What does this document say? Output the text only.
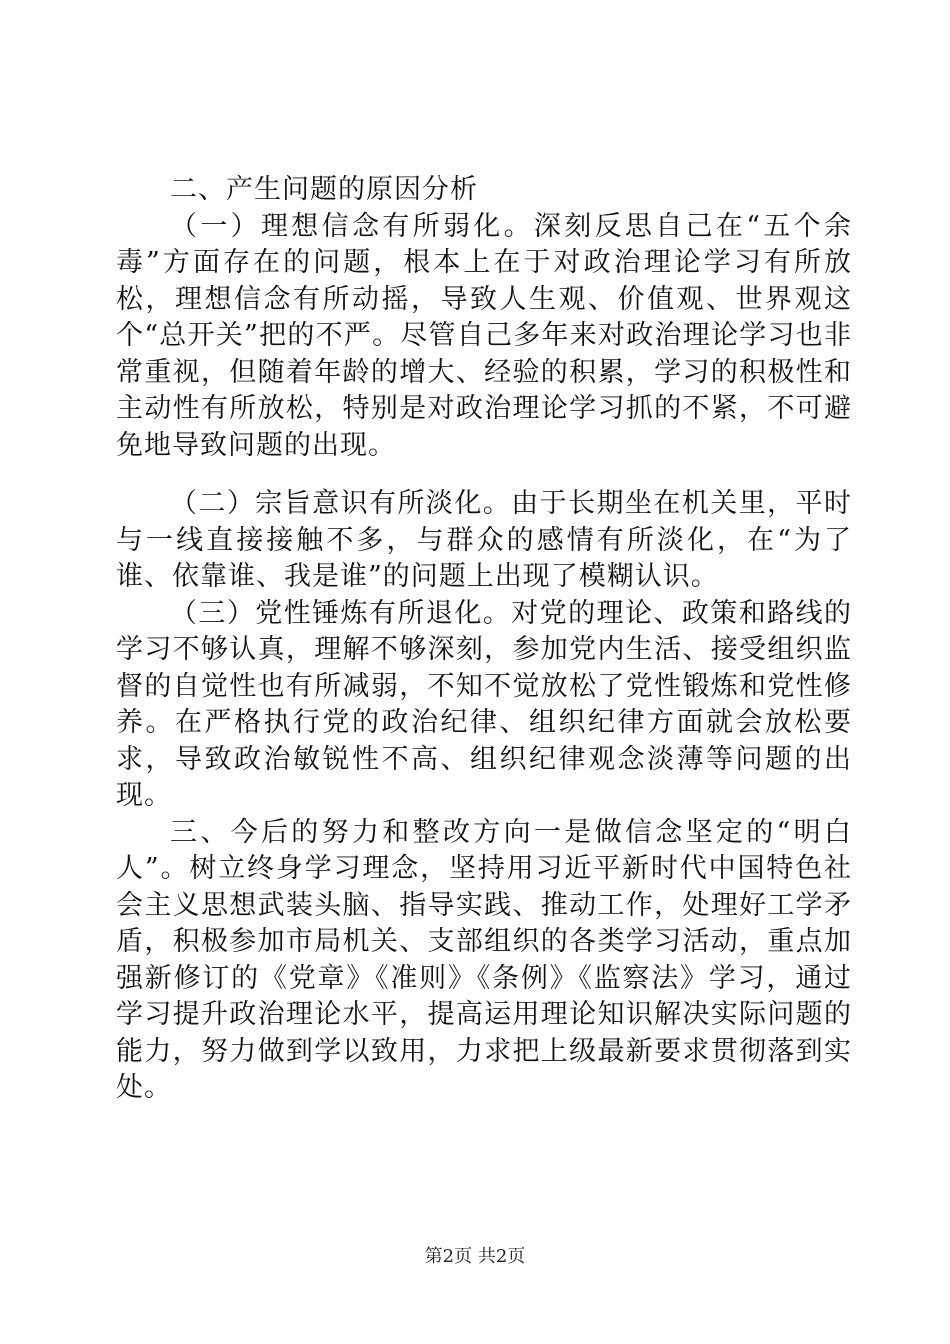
二、产生问题的原因分析

（一）理想信念有所弱化。深刻反思自己在“五个余毒”方面存在的问题，根本上在于对政治理论学习有所放松，理想信念有所动摇，导致人生观、价值观、世界观这个“总开关”把的不严。尽管自己多年来对政治理论学习也非常重视，但随着年龄的增大、经验的积累，学习的积极性和主动性有所放松，特别是对政治理论学习抓的不紧，不可避免地导致问题的出现。

（二）宗旨意识有所淡化。由于长期坐在机关里，平时与一线直接接触不多，与群众的感情有所淡化，在“为了谁、依靠谁、我是谁”的问题上出现了模糊认识。

（三）党性锤炼有所退化。对党的理论、政策和路线的学习不够认真，理解不够深刻，参加党内生活、接受组织监督的自觉性也有所减弱，不知不觉放松了党性锻炼和党性修养。在严格执行党的政治纪律、组织纪律方面就会放松要求，导致政治敏锐性不高、组织纪律观念淡薄等问题的出现。

三、今后的努力和整改方向一是做信念坚定的“明白人”。树立终身学习理念，坚持用习近平新时代中国特色社会主义思想武装头脑、指导实践、推动工作，处理好工学矛盾，积极参加市局机关、支部组织的各类学习活动，重点加强新修订的《党章》《准则》《条例》《监察法》学习，通过学习提升政治理论水平，提高运用理论知识解决实际问题的能力，努力做到学以致用，力求把上级最新要求贯彻落到实处。

第2页 共2页
